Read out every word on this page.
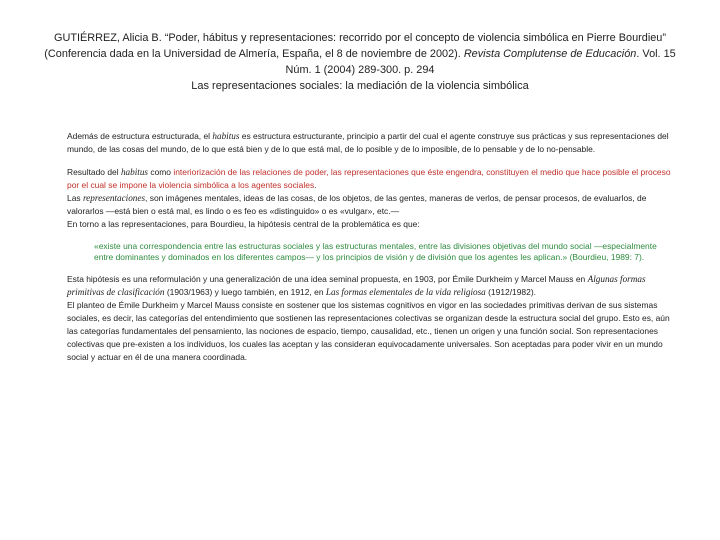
GUTIÉRREZ, Alicia B. “Poder, hábitus y representaciones: recorrido por el concepto de violencia simbólica en Pierre Bourdieu” (Conferencia dada en la Universidad de Almería, España, el 8 de noviembre de 2002). Revista Complutense de Educación. Vol. 15 Núm. 1 (2004) 289-300. p. 294
Las representaciones sociales: la mediación de la violencia simbólica

Además de estructura estructurada, el habitus es estructura estructurante, principio a partir del cual el agente construye sus prácticas y sus representaciones del mundo, de las cosas del mundo, de lo que está bien y de lo que está mal, de lo posible y de lo imposible, de lo pensable y de lo no-pensable.

Resultado del habitus como interiorización de las relaciones de poder, las representaciones que éste engendra, constituyen el medio que hace posible el proceso por el cual se impone la violencia simbólica a los agentes sociales.

Las representaciones, son imágenes mentales, ideas de las cosas, de los objetos, de las gentes, maneras de verlos, de pensar procesos, de evaluarlos, de valorarlos —está bien o está mal, es lindo o es feo es «distinguido» o es «vulgar», etc.—

En torno a las representaciones, para Bourdieu, la hipótesis central de la problemática es que:

«existe una correspondencia entre las estructuras sociales y las estructuras mentales, entre las divisiones objetivas del mundo social —especialmente entre dominantes y dominados en los diferentes campos— y los principios de visión y de división que los agentes les aplican.» (Bourdieu, 1989: 7).

Esta hipótesis es una reformulación y una generalización de una idea seminal propuesta, en 1903, por Émile Durkheim y Marcel Mauss en Algunas formas primitivas de clasificación (1903/1963) y luego también, en 1912, en Las formas elementales de la vida religiosa (1912/1982).

El planteo de Émile Durkheim y Marcel Mauss consiste en sostener que los sistemas cognitivos en vigor en las sociedades primitivas derivan de sus sistemas sociales, es decir, las categorías del entendimiento que sostienen las representaciones colectivas se organizan desde la estructura social del grupo. Esto es, aún las categorías fundamentales del pensamiento, las nociones de espacio, tiempo, causalidad, etc., tienen un origen y una función social. Son representaciones colectivas que pre-existen a los individuos, los cuales las aceptan y las consideran equivocadamente universales. Son aceptadas para poder vivir en un mundo social y actuar en él de una manera coordinada.
